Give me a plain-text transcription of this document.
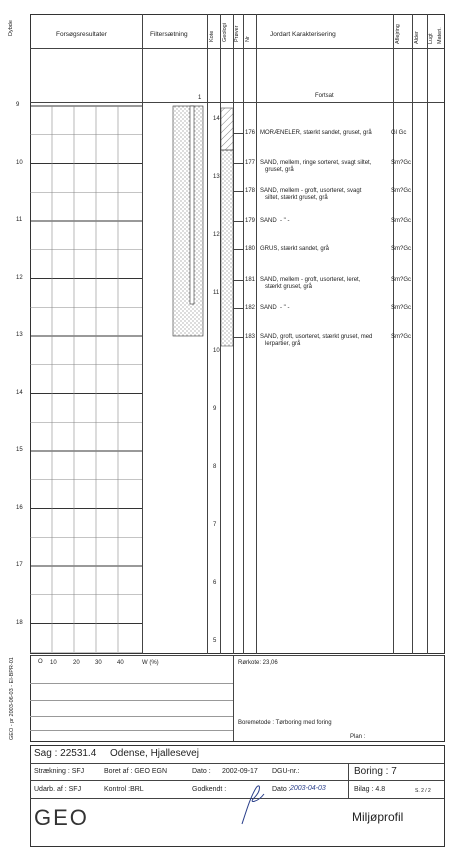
Forsøgsresultater	Filtersætning	Jordart Karakterisering
Dybde
Kote Geologi Prøver Nr	Aflejring Alder Lugt Materi.
Fortsat
9
10
11
12
13
14
15
16
17
18
14
13
12
11
10
9
8
7
6
5
176 MORÆNELER, stærkt sandet, gruset, grå	Gl Gc
177 SAND, mellem, ringe sorteret, svagt siltet,
gruset, grå
Sm?Gc
178 SAND, mellem - groft, usorteret, svagt
siltet, stærkt gruset, grå
Sm?Gc
179 SAND  - " -	Sm?Gc
180 GRUS, stærkt sandet, grå	Sm?Gc
181 SAND, mellem - groft, usorteret, leret,
stærkt gruset, grå
Sm?Gc
182 SAND  - " -	Sm?Gc
183 SAND, groft, usorteret, stærkt gruset, med
lerpartier, grå
Sm?Gc
O 10	20	30	40	W (%)	Rørkote: 23,06
Boremetode : Tørboring med foring
Plan :
GEO - pr 2003-06-03 - EI-BPR-01
Sag : 22531.4 Odense, Hjallesevej
Strækning : SFJ	Boret af : GEO EGN	Dato : 2002-09-17 DGU-nr.:	Boring : 7
Udarb. af : SFJ	Kontrol :BRL	Godkendt :	Dato : 2003-04-03	Bilag : 4.8	S. 2 / 2
GEO	Miljøprofil
1
